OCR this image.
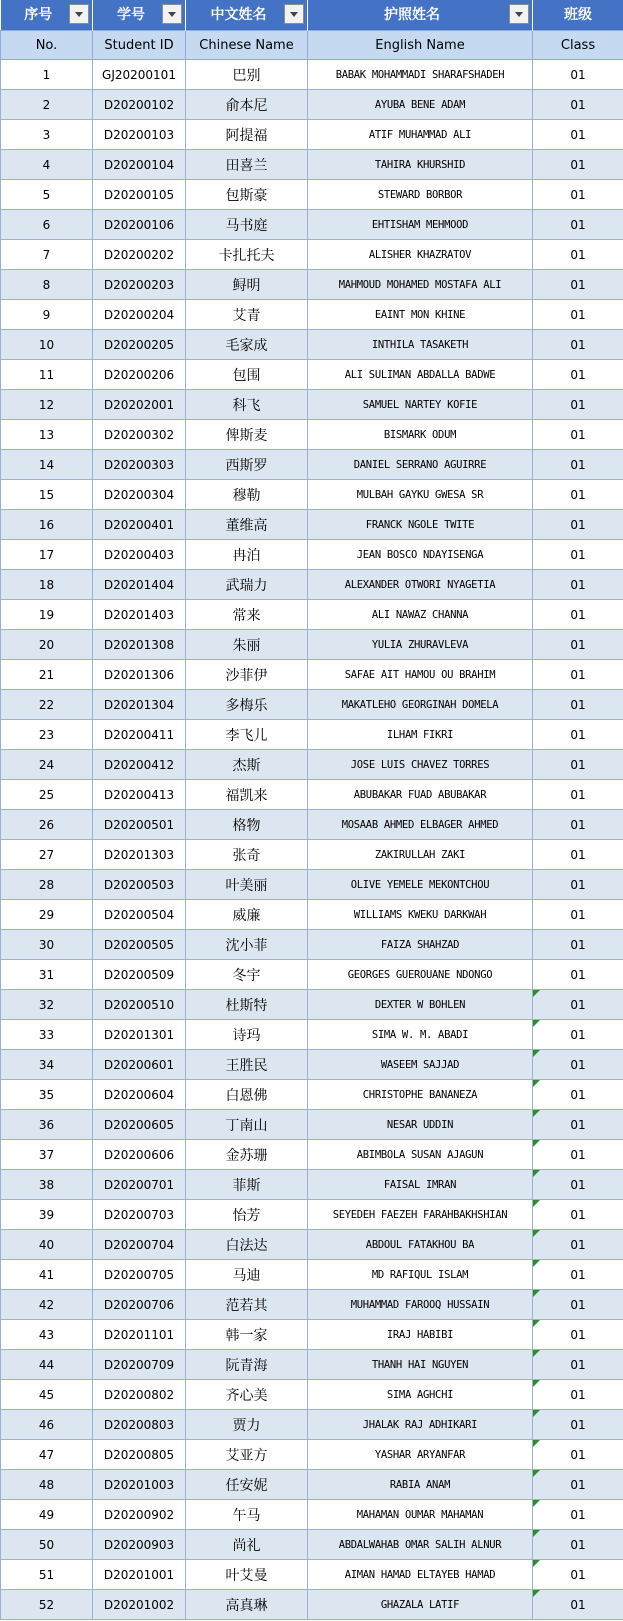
序号	学号	中文姓名	护照姓名	班级

No.	Student ID	Chinese Name	English Name	Class
1	GJ20200101	巴别	BABAK MOHAMMADI SHARAFSHADEH	01
2	D20200102	俞本尼	AYUBA BENE ADAM	01
3	D20200103	阿提福	ATIF MUHAMMAD ALI	01
4	D20200104	田喜兰	TAHIRA KHURSHID	01
5	D20200105	包斯豪	STEWARD BORBOR	01
6	D20200106	马书庭	EHTISHAM MEHMOOD	01
7	D20200202	卡扎托夫	ALISHER KHAZRATOV	01
8	D20200203	鲟明	MAHMOUD MOHAMED MOSTAFA ALI	01
9	D20200204	艾青	EAINT MON KHINE	01
10	D20200205	毛家成	INTHILA TASAKETH	01
11	D20200206	包围	ALI SULIMAN ABDALLA BADWE	01
12	D20202001	科飞	SAMUEL NARTEY KOFIE	01
13	D20200302	俾斯麦	BISMARK ODUM	01
14	D20200303	西斯罗	DANIEL SERRANO AGUIRRE	01
15	D20200304	穆勒	MULBAH GAYKU GWESA SR	01
16	D20200401	董维高	FRANCK NGOLE TWITE	01
17	D20200403	冉泊	JEAN BOSCO NDAYISENGA	01
18	D20201404	武瑞力	ALEXANDER OTWORI NYAGETIA	01
19	D20201403	常来	ALI NAWAZ CHANNA	01
20	D20201308	朱丽	YULIA ZHURAVLEVA	01
21	D20201306	沙菲伊	SAFAE AIT HAMOU OU BRAHIM	01
22	D20201304	多梅乐	MAKATLEHO GEORGINAH DOMELA	01
23	D20200411	李飞儿	ILHAM FIKRI	01
24	D20200412	杰斯	JOSE LUIS CHAVEZ TORRES	01
25	D20200413	福凯来	ABUBAKAR FUAD ABUBAKAR	01
26	D20200501	格物	MOSAAB AHMED ELBAGER AHMED	01
27	D20201303	张奇	ZAKIRULLAH ZAKI	01
28	D20200503	叶美丽	OLIVE YEMELE MEKONTCHOU	01
29	D20200504	威廉	WILLIAMS KWEKU DARKWAH	01
30	D20200505	沈小菲	FAIZA SHAHZAD	01
31	D20200509	冬宇	GEORGES GUEROUANE NDONGO	01
32	D20200510	杜斯特	DEXTER W BOHLEN	01
33	D20201301	诗玛	SIMA W. M. ABADI	01
34	D20200601	王胜民	WASEEM SAJJAD	01
35	D20200604	白恩佛	CHRISTOPHE BANANEZA	01
36	D20200605	丁南山	NESAR UDDIN	01
37	D20200606	金苏珊	ABIMBOLA SUSAN AJAGUN	01
38	D20200701	菲斯	FAISAL IMRAN	01
39	D20200703	怡芳	SEYEDEH FAEZEH FARAHBAKHSHIAN	01
40	D20200704	白法达	ABDOUL FATAKHOU BA	01
41	D20200705	马迪	MD RAFIQUL ISLAM	01
42	D20200706	范若其	MUHAMMAD FAROOQ HUSSAIN	01
43	D20201101	韩一家	IRAJ HABIBI	01
44	D20200709	阮青海	THANH HAI NGUYEN	01
45	D20200802	齐心美	SIMA AGHCHI	01
46	D20200803	贾力	JHALAK RAJ ADHIKARI	01
47	D20200805	艾亚方	YASHAR ARYANFAR	01
48	D20201003	任安妮	RABIA ANAM	01
49	D20200902	午马	MAHAMAN OUMAR MAHAMAN	01
50	D20200903	尚礼	ABDALWAHAB OMAR SALIH ALNUR	01
51	D20201001	叶艾曼	AIMAN HAMAD ELTAYEB HAMAD	01
52	D20201002	高真琳	GHAZALA LATIF	01
